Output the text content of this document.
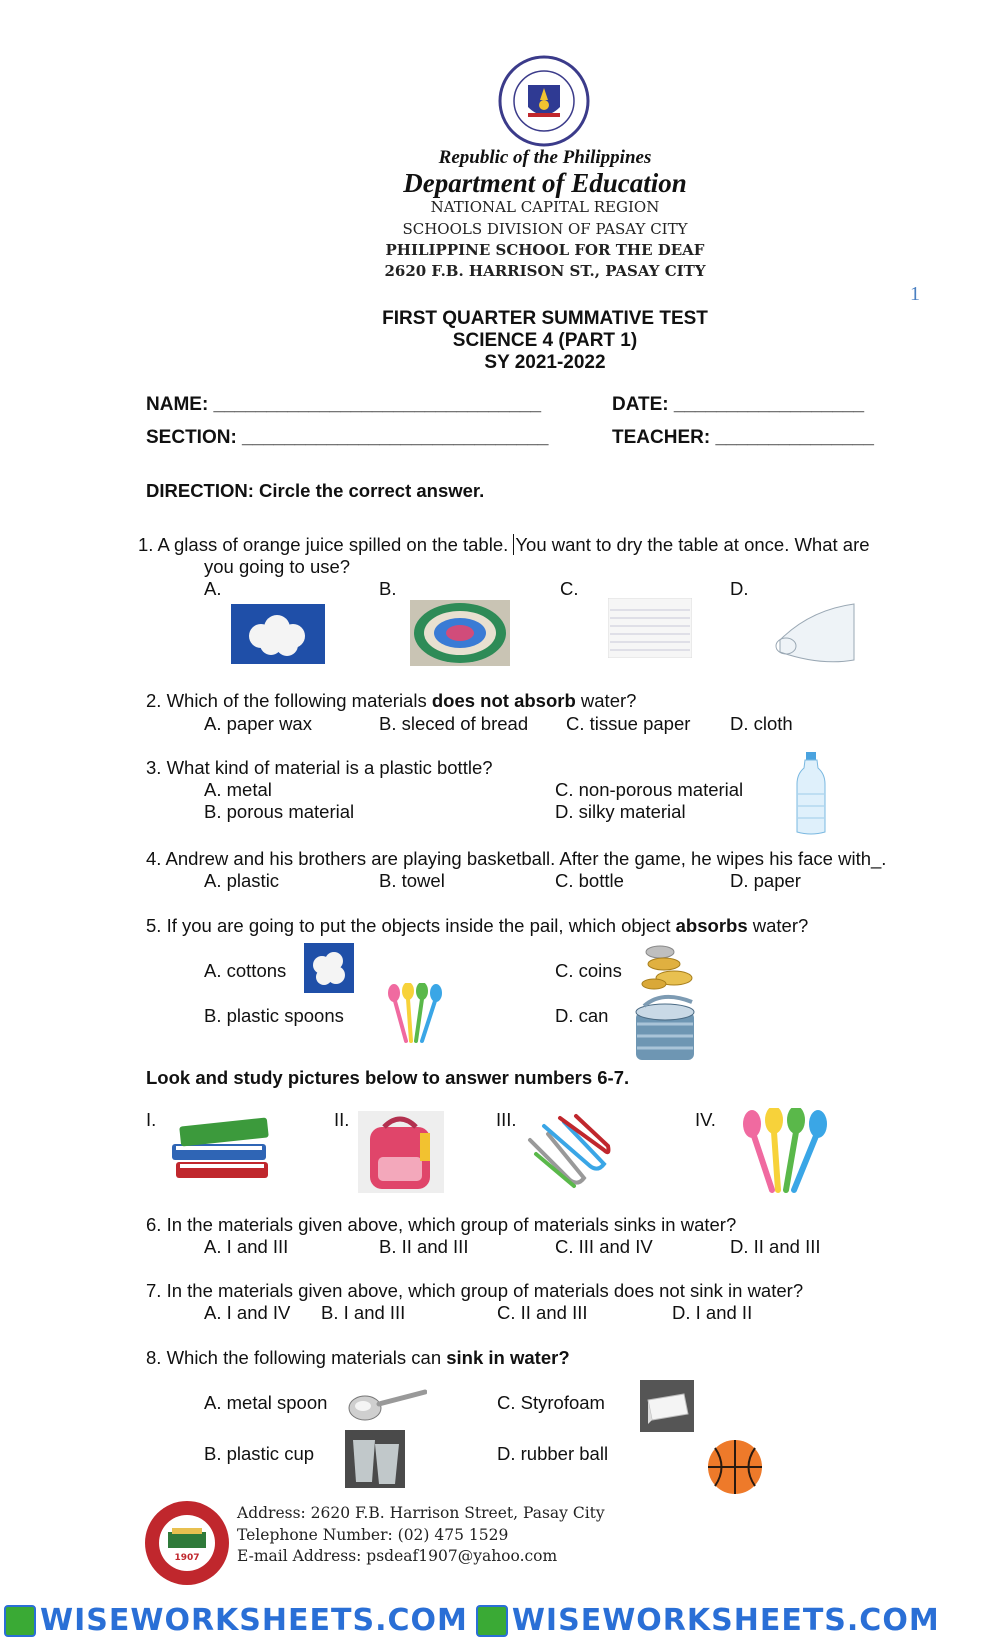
Republic of the Philippines
Department of Education
NATIONAL CAPITAL REGION
SCHOOLS DIVISION OF PASAY CITY
PHILIPPINE SCHOOL FOR THE DEAF
2620 F.B. HARRISON ST., PASAY CITY
1
FIRST QUARTER SUMMATIVE TEST
SCIENCE 4 (PART 1)
SY 2021-2022
NAME: _______________________________	DATE: __________________
SECTION: _____________________________	TEACHER: _______________
DIRECTION: Circle the correct answer.
1. A glass of orange juice spilled on the table. You want to dry the table at once. What are
you going to use?
A.	B.	C.	D.
2. Which of the following materials does not absorb water?
A. paper wax	B. sleced of bread C. tissue paper D. cloth
3. What kind of material is a plastic bottle?
A. metal
B. porous material
C. non-porous material
D. silky material
4. Andrew and his brothers are playing basketball. After the game, he wipes his face with_.
A. plastic	B. towel	C. bottle	D. paper
5. If you are going to put the objects inside the pail, which object absorbs water?
A. cottons
B. plastic spoons
C. coins
D. can
Look and study pictures below to answer numbers 6-7.
I.	II.	III.	IV.
6. In the materials given above, which group of materials sinks in water?
A. I and III	B. II and III	C. III and IV	D. II and III
7. In the materials given above, which group of materials does not sink in water?
A. I and IV B. I and III	C. II and III	D. I and II
8. Which the following materials can sink in water?
A. metal spoon
B. plastic cup
C. Styrofoam
D. rubber ball
1907
Address: 2620 F.B. Harrison Street, Pasay City
Telephone Number: (02) 475 1529
E-mail Address: psdeaf1907@yahoo.com
WISEWORKSHEETS.COM WISEWORKSHEETS.COM
